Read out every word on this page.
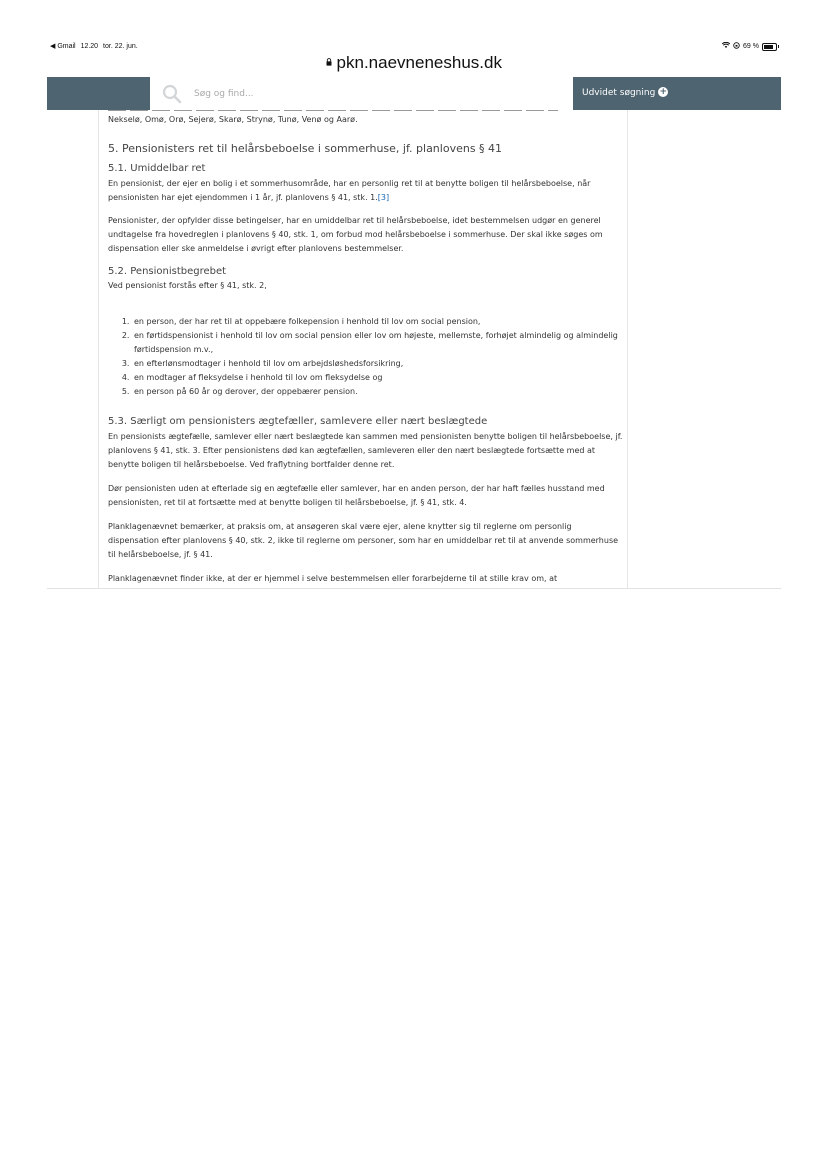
◀ Gmail 12.20 tor. 22. jun.	69 %
pkn.naevneneshus.dk
Søg og find...
Udvidet søgning +

Nekselø, Omø, Orø, Sejerø, Skarø, Strynø, Tunø, Venø og Aarø.

5. Pensionisters ret til helårsbeboelse i sommerhuse, jf. planlovens § 41
5.1. Umiddelbar ret

En pensionist, der ejer en bolig i et sommerhusområde, har en personlig ret til at benytte boligen til helårsbeboelse, når pensionisten har ejet ejendommen i 1 år, jf. planlovens § 41, stk. 1.[3]

Pensionister, der opfylder disse betingelser, har en umiddelbar ret til helårsbeboelse, idet bestemmelsen udgør en generel undtagelse fra hovedreglen i planlovens § 40, stk. 1, om forbud mod helårsbeboelse i sommerhuse. Der skal ikke søges om dispensation eller ske anmeldelse i øvrigt efter planlovens bestemmelser.

5.2. Pensionistbegrebet

Ved pensionist forstås efter § 41, stk. 2,

1. en person, der har ret til at oppebære folkepension i henhold til lov om social pension,
2. en førtidspensionist i henhold til lov om social pension eller lov om højeste, mellemste, forhøjet almindelig og almindelig førtidspension m.v.,
3. en efterlønsmodtager i henhold til lov om arbejdsløshedsforsikring,
4. en modtager af fleksydelse i henhold til lov om fleksydelse og
5. en person på 60 år og derover, der oppebærer pension.
5.3. Særligt om pensionisters ægtefæller, samlevere eller nært beslægtede

En pensionists ægtefælle, samlever eller nært beslægtede kan sammen med pensionisten benytte boligen til helårsbeboelse, jf. planlovens § 41, stk. 3. Efter pensionistens død kan ægtefællen, samleveren eller den nært beslægtede fortsætte med at benytte boligen til helårsbeboelse. Ved fraflytning bortfalder denne ret.

Dør pensionisten uden at efterlade sig en ægtefælle eller samlever, har en anden person, der har haft fælles husstand med pensionisten, ret til at fortsætte med at benytte boligen til helårsbeboelse, jf. § 41, stk. 4.

Planklagenævnet bemærker, at praksis om, at ansøgeren skal være ejer, alene knytter sig til reglerne om personlig dispensation efter planlovens § 40, stk. 2, ikke til reglerne om personer, som har en umiddelbar ret til at anvende sommerhuse til helårsbeboelse, jf. § 41.

Planklagenævnet finder ikke, at der er hjemmel i selve bestemmelsen eller forarbejderne til at stille krav om, at
